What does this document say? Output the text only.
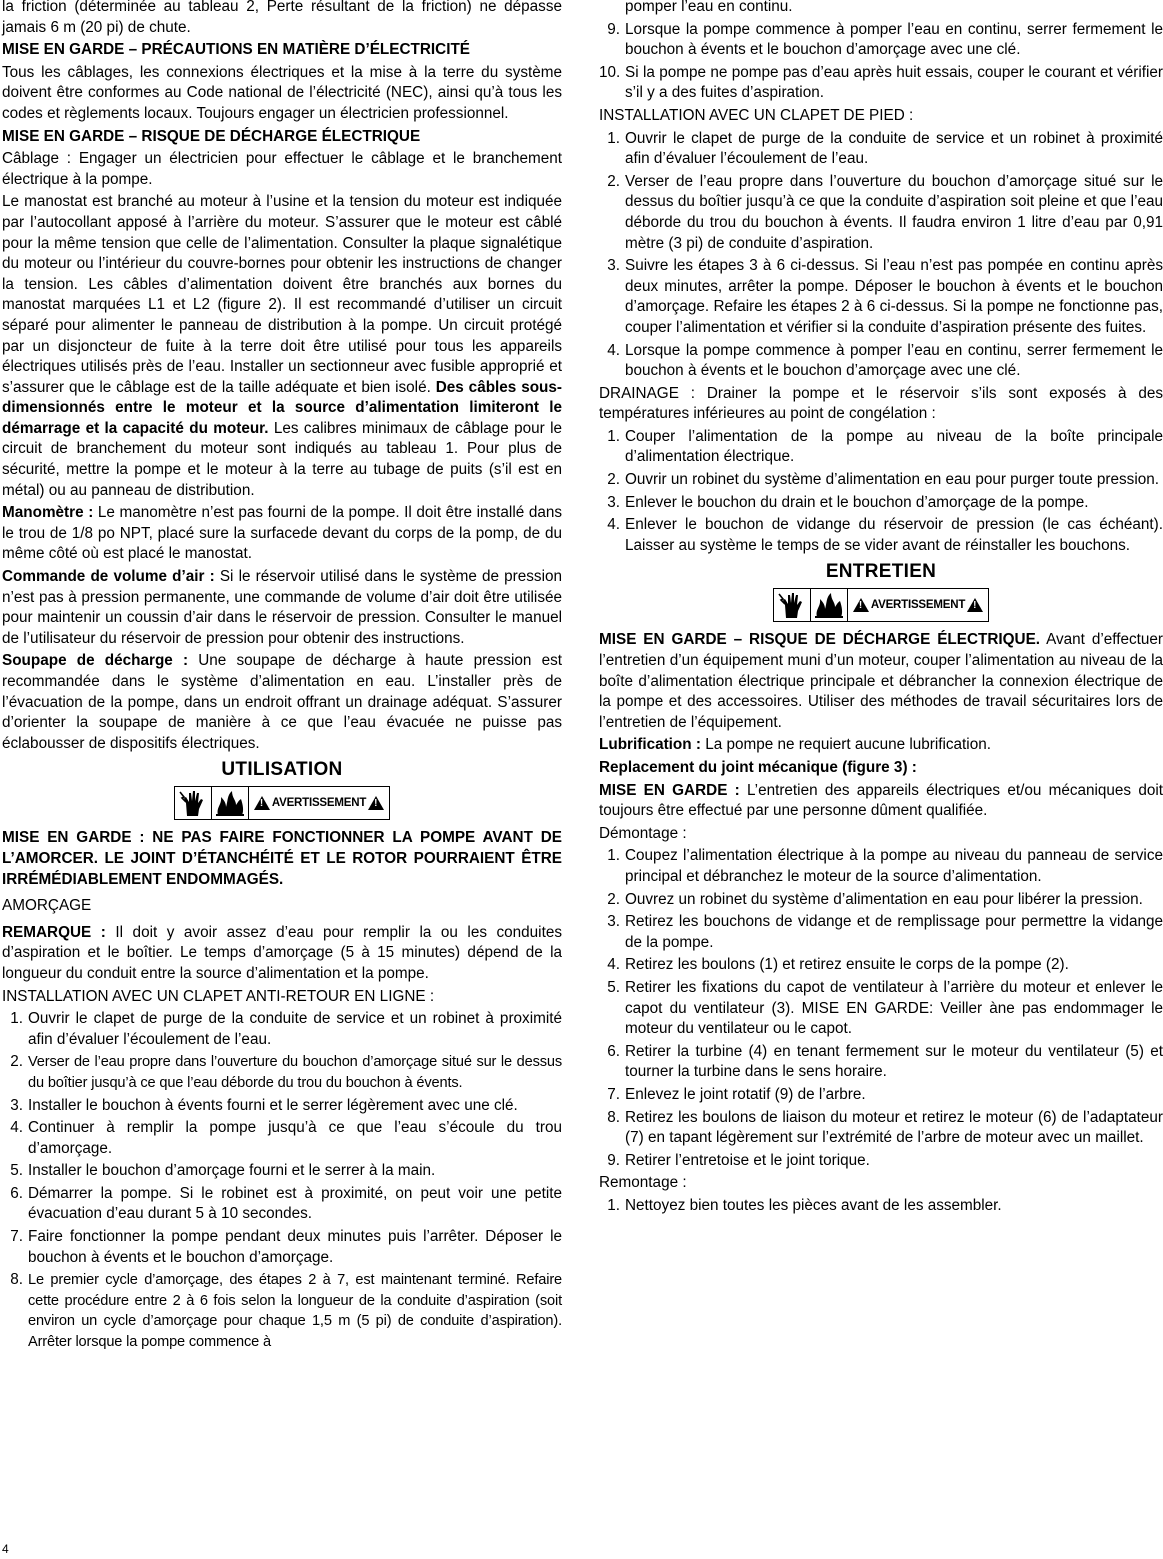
la friction (déterminée au tableau 2, Perte résultant de la friction) ne dépasse jamais 6 m (20 pi) de chute.

MISE EN GARDE – PRÉCAUTIONS EN MATIÈRE D’ÉLECTRICITÉ

Tous les câblages, les connexions électriques et la mise à la terre du système doivent être conformes au Code national de l’électricité (NEC), ainsi qu’à tous les codes et règlements locaux. Toujours engager un électricien professionnel.

MISE EN GARDE – RISQUE DE DÉCHARGE ÉLECTRIQUE

Câblage : Engager un électricien pour effectuer le câblage et le branchement électrique à la pompe.

Le manostat est branché au moteur à l’usine et la tension du moteur est indiquée par l’autocollant apposé à l’arrière du moteur. S’assurer que le moteur est câblé pour la même tension que celle de l’alimentation. Consulter la plaque signalétique du moteur ou l’intérieur du couvre-bornes pour obtenir les instructions de changer la tension. Les câbles d’alimentation doivent être branchés aux bornes du manostat marquées L1 et L2 (figure 2). Il est recommandé d’utiliser un circuit séparé pour alimenter le panneau de distribution à la pompe. Un circuit protégé par un disjoncteur de fuite à la terre doit être utilisé pour tous les appareils électriques utilisés près de l’eau. Installer un sectionneur avec fusible approprié et s’assurer que le câblage est de la taille adéquate et bien isolé. Des câbles sous-dimensionnés entre le moteur et la source d’alimentation limiteront le démarrage et la capacité du moteur. Les calibres minimaux de câblage pour le circuit de branchement du moteur sont indiqués au tableau 1. Pour plus de sécurité, mettre la pompe et le moteur à la terre au tubage de puits (s’il est en métal) ou au panneau de distribution.

Manomètre : Le manomètre n’est pas fourni de la pompe. Il doit être installé dans le trou de 1/8 po NPT, placé sure la surfacede devant du corps de la pomp, de du même côté où est placé le manostat.

Commande de volume d’air : Si le réservoir utilisé dans le système de pression n’est pas à pression permanente, une commande de volume d’air doit être utilisée pour maintenir un coussin d’air dans le réservoir de pression. Consulter le manuel de l’utilisateur du réservoir de pression pour obtenir des instructions.

Soupape de décharge : Une soupape de décharge à haute pression est recommandée dans le système d’alimentation en eau. L’installer près de l’évacuation de la pompe, dans un endroit offrant un drainage adéquat. S’assurer d’orienter la soupape de manière à ce que l’eau évacuée ne puisse pas éclabousser de dispositifs électriques.

UTILISATION
!
AVERTISSEMENT
!

MISE EN GARDE : NE PAS FAIRE FONCTIONNER LA POMPE AVANT DE L’AMORCER. LE JOINT D’ÉTANCHÉITÉ ET LE ROTOR POURRAIENT ÊTRE IRRÉMÉDIABLEMENT ENDOMMAGÉS.

AMORÇAGE

REMARQUE : Il doit y avoir assez d’eau pour remplir la ou les conduites d’aspiration et le boîtier. Le temps d’amorçage (5 à 15 minutes) dépend de la longueur du conduit entre la source d’alimentation et la pompe.

INSTALLATION AVEC UN CLAPET ANTI-RETOUR EN LIGNE :

1. Ouvrir le clapet de purge de la conduite de service et un robinet à proximité afin d’évaluer l’écoulement de l’eau.
2. Verser de l’eau propre dans l’ouverture du bouchon d’amorçage situé sur le dessus du boîtier jusqu’à ce que l’eau déborde du trou du bouchon à évents.
3. Installer le bouchon à évents fourni et le serrer légèrement avec une clé.
4. Continuer à remplir la pompe jusqu’à ce que l’eau s’écoule du trou d’amorçage.
5. Installer le bouchon d’amorçage fourni et le serrer à la main.
6. Démarrer la pompe. Si le robinet est à proximité, on peut voir une petite évacuation d’eau durant 5 à 10 secondes.
7. Faire fonctionner la pompe pendant deux minutes puis l’arrêter. Déposer le bouchon à évents et le bouchon d’amorçage.
8. Le premier cycle d’amorçage, des étapes 2 à 7, est maintenant terminé. Refaire cette procédure entre 2 à 6 fois selon la longueur de la conduite d’aspiration (soit environ un cycle d’amorçage pour chaque 1,5 m (5 pi) de conduite d’aspiration). Arrêter lorsque la pompe commence à

pomper l’eau en continu.

9. Lorsque la pompe commence à pomper l’eau en continu, serrer fermement le bouchon à évents et le bouchon d’amorçage avec une clé.
10. Si la pompe ne pompe pas d’eau après huit essais, couper le courant et vérifier s’il y a des fuites d’aspiration.

INSTALLATION AVEC UN CLAPET DE PIED :

1. Ouvrir le clapet de purge de la conduite de service et un robinet à proximité afin d’évaluer l’écoulement de l’eau.
2. Verser de l’eau propre dans l’ouverture du bouchon d’amorçage situé sur le dessus du boîtier jusqu’à ce que la conduite d’aspiration soit pleine et que l’eau déborde du trou du bouchon à évents. Il faudra environ 1 litre d’eau par 0,91 mètre (3 pi) de conduite d’aspiration.
3. Suivre les étapes 3 à 6 ci-dessus. Si l’eau n’est pas pompée en continu après deux minutes, arrêter la pompe. Déposer le bouchon à évents et le bouchon d’amorçage. Refaire les étapes 2 à 6 ci-dessus. Si la pompe ne fonctionne pas, couper l’alimentation et vérifier si la conduite d’aspiration présente des fuites.
4. Lorsque la pompe commence à pomper l’eau en continu, serrer fermement le bouchon à évents et le bouchon d’amorçage avec une clé.

DRAINAGE : Drainer la pompe et le réservoir s’ils sont exposés à des températures inférieures au point de congélation :

1. Couper l’alimentation de la pompe au niveau de la boîte principale d’alimentation électrique.
2. Ouvrir un robinet du système d’alimentation en eau pour purger toute pression.
3. Enlever le bouchon du drain et le bouchon d’amorçage de la pompe.
4. Enlever le bouchon de vidange du réservoir de pression (le cas échéant). Laisser au système le temps de se vider avant de réinstaller les bouchons.
ENTRETIEN
!
AVERTISSEMENT
!

MISE EN GARDE – RISQUE DE DÉCHARGE ÉLECTRIQUE. Avant d’effectuer l’entretien d’un équipement muni d’un moteur, couper l’alimentation au niveau de la boîte d’alimentation électrique principale et débrancher la connexion électrique de la pompe et des accessoires. Utiliser des méthodes de travail sécuritaires lors de l’entretien de l’équipement.

Lubrification : La pompe ne requiert aucune lubrification.

Replacement du joint mécanique (figure 3) :

MISE EN GARDE : L’entretien des appareils électriques et/ou mécaniques doit toujours être effectué par une personne dûment qualifiée.

Démontage :

1. Coupez l’alimentation électrique à la pompe au niveau du panneau de service principal et débranchez le moteur de la source d’alimentation.
2. Ouvrez un robinet du système d’alimentation en eau pour libérer la pression.
3. Retirez les bouchons de vidange et de remplissage pour permettre la vidange de la pompe.
4. Retirez les boulons (1) et retirez ensuite le corps de la pompe (2).
5. Retirer les fixations du capot de ventilateur à l’arrière du moteur et enlever le capot du ventilateur (3). MISE EN GARDE: Veiller àne pas endommager le moteur du ventilateur ou le capot.
6. Retirer la turbine (4) en tenant fermement sur le moteur du ventilateur (5) et tourner la turbine dans le sens horaire.
7. Enlevez le joint rotatif (9) de l’arbre.
8. Retirez les boulons de liaison du moteur et retirez le moteur (6) de l’adaptateur (7) en tapant légèrement sur l’extrémité de l’arbre de moteur avec un maillet.
9. Retirer l’entretoise et le joint torique.

Remontage :

1. Nettoyez bien toutes les pièces avant de les assembler.
4
